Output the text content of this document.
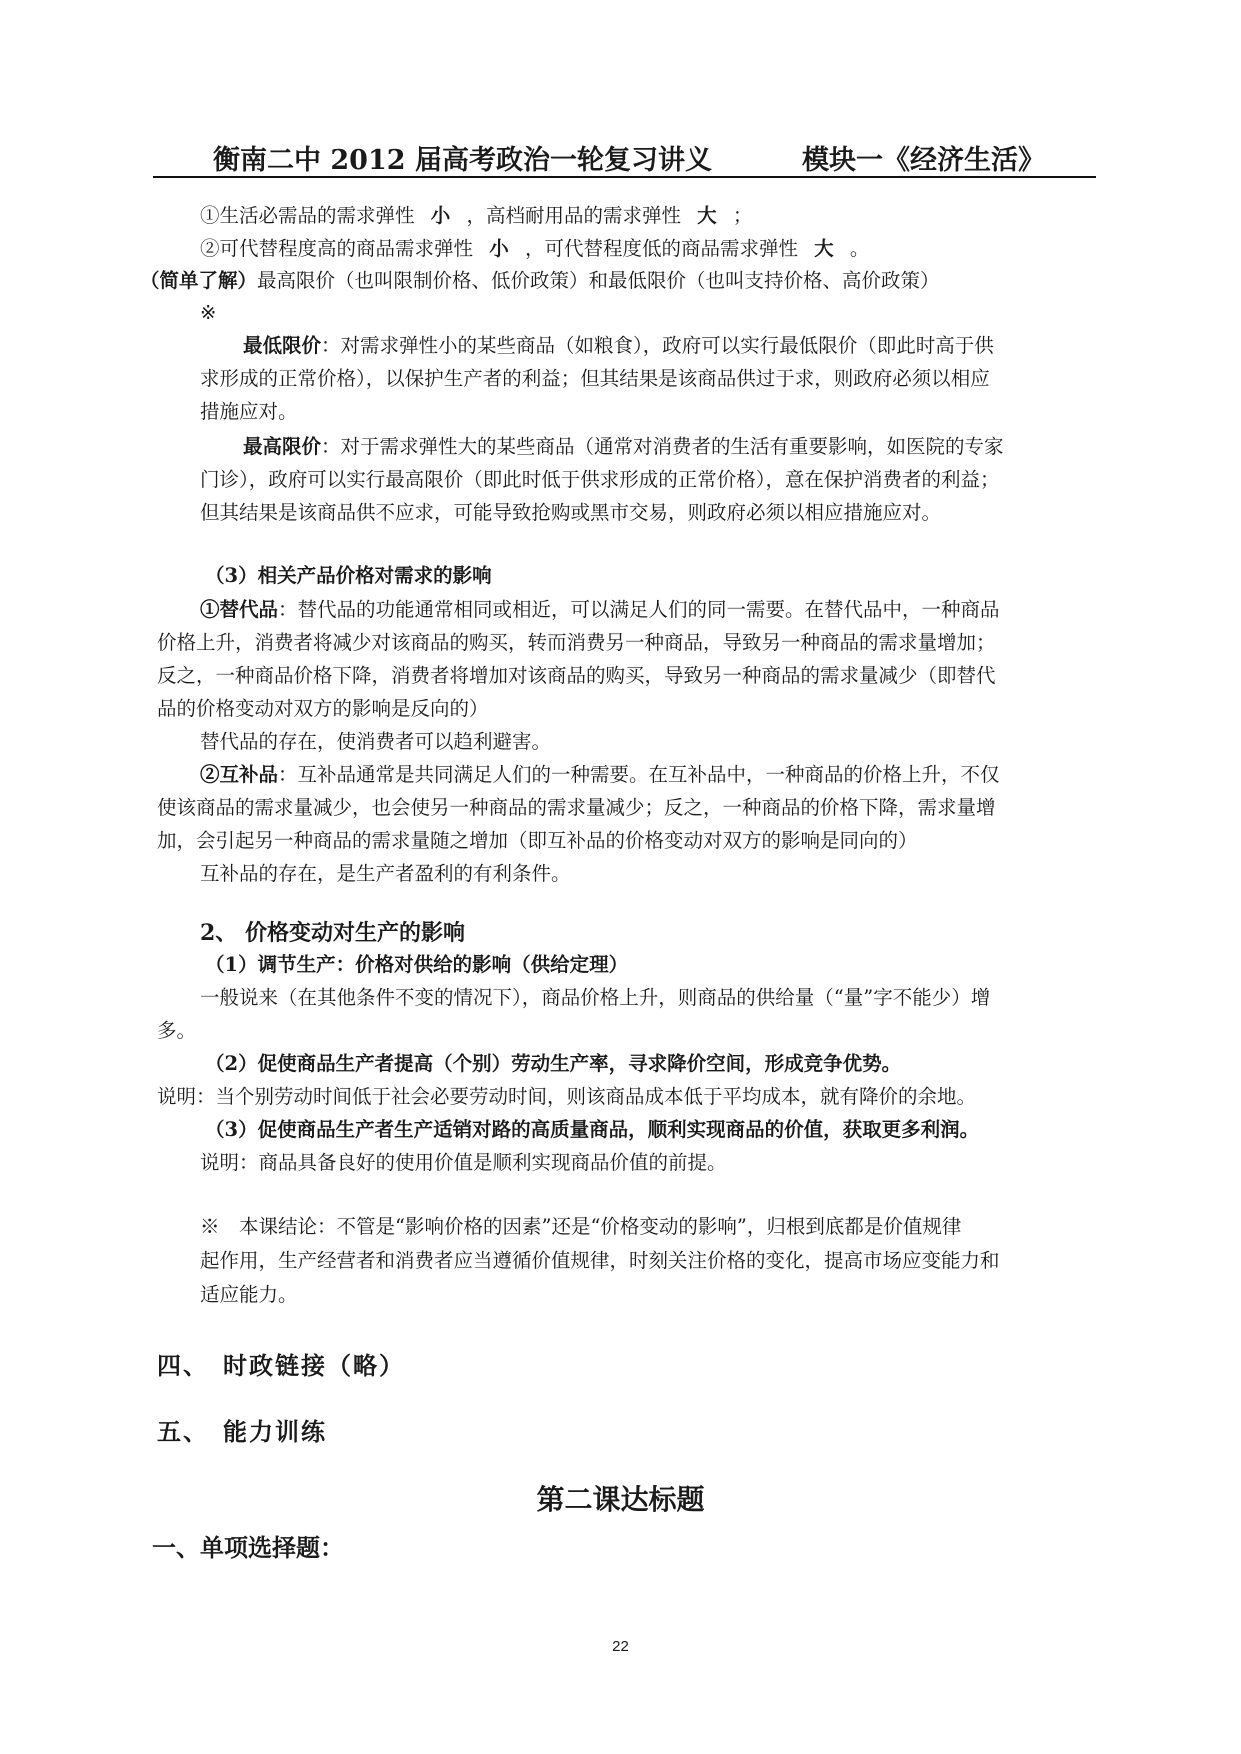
衡南二中 2012 届高考政治一轮复习讲义	模块一《经济生活》
①生活必需品的需求弹性 小 ，高档耐用品的需求弹性 大 ；
②可代替程度高的商品需求弹性 小 ，可代替程度低的商品需求弹性 大 。
（简单了解）最高限价（也叫限制价格、低价政策）和最低限价（也叫支持价格、高价政策）
※
最低限价：对需求弹性小的某些商品（如粮食），政府可以实行最低限价（即此时高于供
求形成的正常价格），以保护生产者的利益；但其结果是该商品供过于求，则政府必须以相应
措施应对。
最高限价：对于需求弹性大的某些商品（通常对消费者的生活有重要影响，如医院的专家
门诊），政府可以实行最高限价（即此时低于供求形成的正常价格），意在保护消费者的利益；
但其结果是该商品供不应求，可能导致抢购或黑市交易，则政府必须以相应措施应对。
（3）相关产品价格对需求的影响
①替代品：替代品的功能通常相同或相近，可以满足人们的同一需要。在替代品中，一种商品
价格上升，消费者将减少对该商品的购买，转而消费另一种商品，导致另一种商品的需求量增加；
反之，一种商品价格下降，消费者将增加对该商品的购买，导致另一种商品的需求量减少（即替代
品的价格变动对双方的影响是反向的）
替代品的存在，使消费者可以趋利避害。
②互补品：互补品通常是共同满足人们的一种需要。在互补品中，一种商品的价格上升，不仅
使该商品的需求量减少，也会使另一种商品的需求量减少；反之，一种商品的价格下降，需求量增
加，会引起另一种商品的需求量随之增加（即互补品的价格变动对双方的影响是同向的）
互补品的存在，是生产者盈利的有利条件。
2、 价格变动对生产的影响
（1）调节生产：价格对供给的影响（供给定理）
一般说来（在其他条件不变的情况下），商品价格上升，则商品的供给量（“量”字不能少）增
多。
（2）促使商品生产者提高（个别）劳动生产率，寻求降价空间，形成竞争优势。
说明：当个别劳动时间低于社会必要劳动时间，则该商品成本低于平均成本，就有降价的余地。
（3）促使商品生产者生产适销对路的高质量商品，顺利实现商品的价值，获取更多利润。
说明：商品具备良好的使用价值是顺利实现商品价值的前提。
※　本课结论：不管是“影响价格的因素”还是“价格变动的影响”，归根到底都是价值规律
起作用，生产经营者和消费者应当遵循价值规律，时刻关注价格的变化，提高市场应变能力和
适应能力。
四、　时政链接（略）
五、　能力训练
第二课达标题
一、单项选择题：
22
